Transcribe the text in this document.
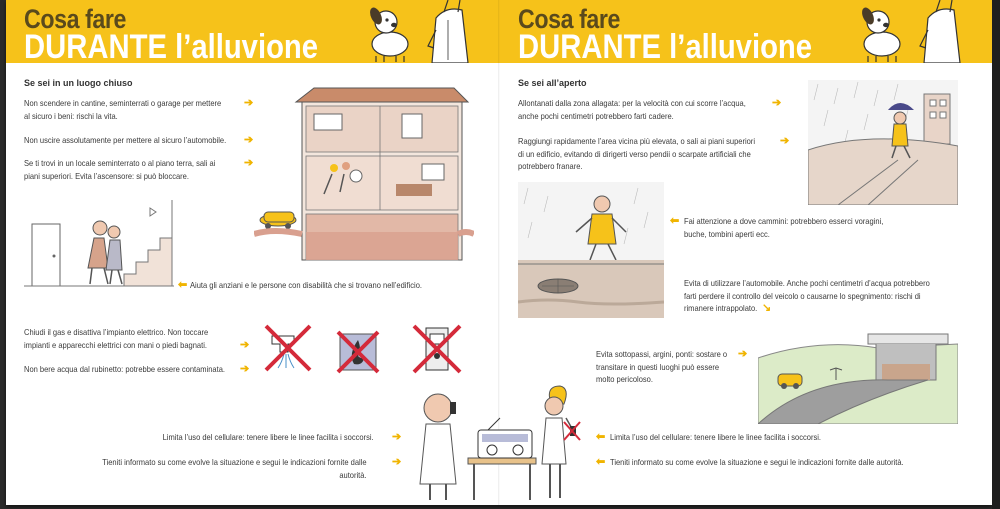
Cosa fare
DURANTE l’alluvione
Se sei in un luogo chiuso
Non scendere in cantine, seminterrati o garage per mettere al sicuro i beni: rischi la vita.
➔
Non uscire assolutamente per mettere al sicuro l’automobile. ➔
Se ti trovi in un locale seminterrato o al piano terra, sali ai piani superiori. Evita l’ascensore: si può bloccare.
➔
⬅ Aiuta gli anziani e le persone con disabilità che si trovano nell’edificio.
Chiudi il gas e disattiva l’impianto elettrico. Non toccare impianti e apparecchi elettrici con mani o piedi bagnati.	➔
Non bere acqua dal rubinetto: potrebbe essere contaminata. ➔
Limita l’uso del cellulare: tenere libere le linee facilita i soccorsi. ➔
Tieniti informato su come evolve la situazione e segui le indicazioni fornite dalle autorità.
➔
Cosa fare
DURANTE l’alluvione
Se sei all’aperto
Allontanati dalla zona allagata: per la velocità con cui scorre l’acqua, anche pochi centimetri potrebbero farti cadere.
➔
Raggiungi rapidamente l’area vicina più elevata, o sali ai piani superiori di un edificio, evitando di dirigerti verso pendii o scarpate artificiali che potrebbero franare.
➔
⬅ Fai attenzione a dove cammini: potrebbero esserci voragini, buche, tombini aperti ecc.
Evita di utilizzare l’automobile. Anche pochi centimetri d’acqua potrebbero farti perdere il controllo del veicolo o causarne lo spegnimento: rischi di rimanere intrappolato. ↘
Evita sottopassi, argini, ponti: sostare o transitare in questi luoghi può essere molto pericoloso.
➔
⬅ Limita l’uso del cellulare: tenere libere le linee facilita i soccorsi.
⬅ Tieniti informato su come evolve la situazione e segui le indicazioni fornite dalle autorità.
